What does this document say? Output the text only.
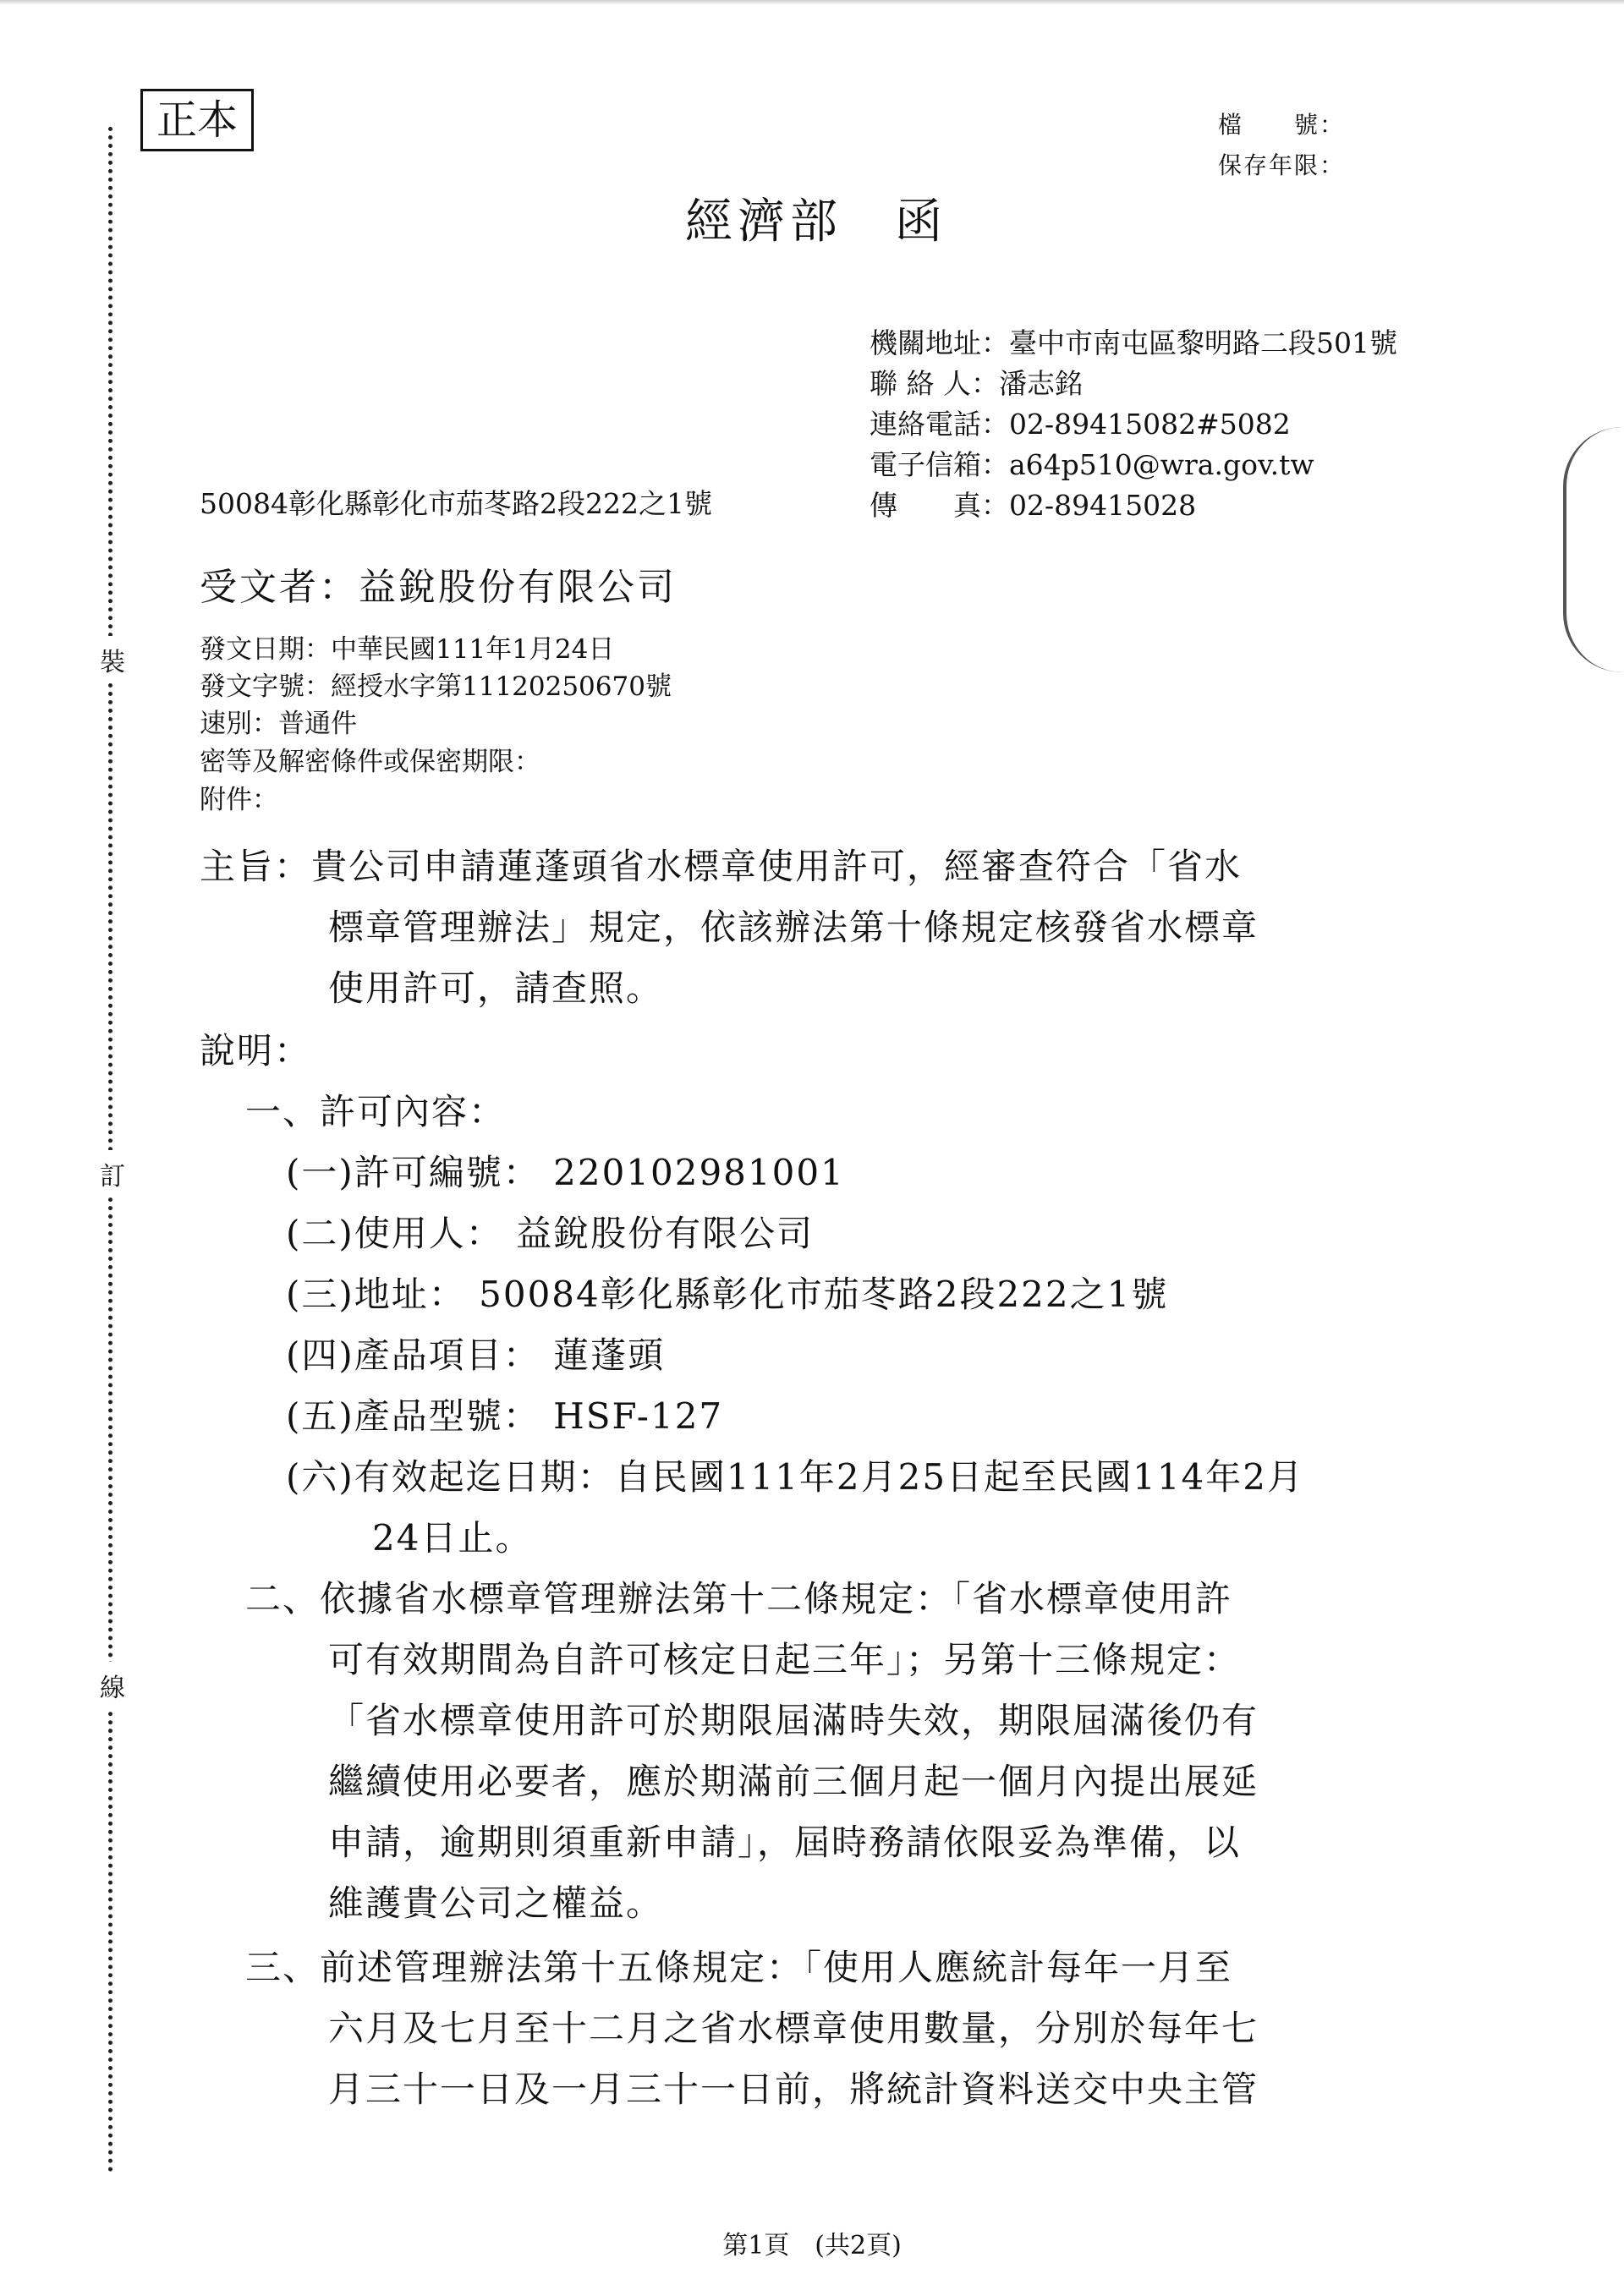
裝
訂
線
正本	檔　　號：
保存年限：
經濟部　函
機關地址：臺中市南屯區黎明路二段501號
聯 絡 人：潘志銘
連絡電話：02-89415082#5082
電子信箱：a64p510@wra.gov.tw
傳　　真：02-89415028
50084彰化縣彰化市茄苳路2段222之1號
受文者：益銳股份有限公司
發文日期：中華民國111年1月24日
發文字號：經授水字第11120250670號
速別：普通件
密等及解密條件或保密期限：
附件：
主旨：貴公司申請蓮蓬頭省水標章使用許可，經審查符合「省水
標章管理辦法」規定，依該辦法第十條規定核發省水標章
使用許可，請查照。
說明：
一、許可內容：
(一)許可編號： 220102981001
(二)使用人： 益銳股份有限公司
(三)地址： 50084彰化縣彰化市茄苳路2段222之1號
(四)產品項目： 蓮蓬頭
(五)產品型號： HSF-127
(六)有效起迄日期：自民國111年2月25日起至民國114年2月
24日止。
二、依據省水標章管理辦法第十二條規定：「省水標章使用許
可有效期間為自許可核定日起三年」；另第十三條規定：
「省水標章使用許可於期限屆滿時失效，期限屆滿後仍有
繼續使用必要者，應於期滿前三個月起一個月內提出展延
申請，逾期則須重新申請」，屆時務請依限妥為準備，以
維護貴公司之權益。
三、前述管理辦法第十五條規定：「使用人應統計每年一月至
六月及七月至十二月之省水標章使用數量，分別於每年七
月三十一日及一月三十一日前，將統計資料送交中央主管
第1頁　(共2頁)
